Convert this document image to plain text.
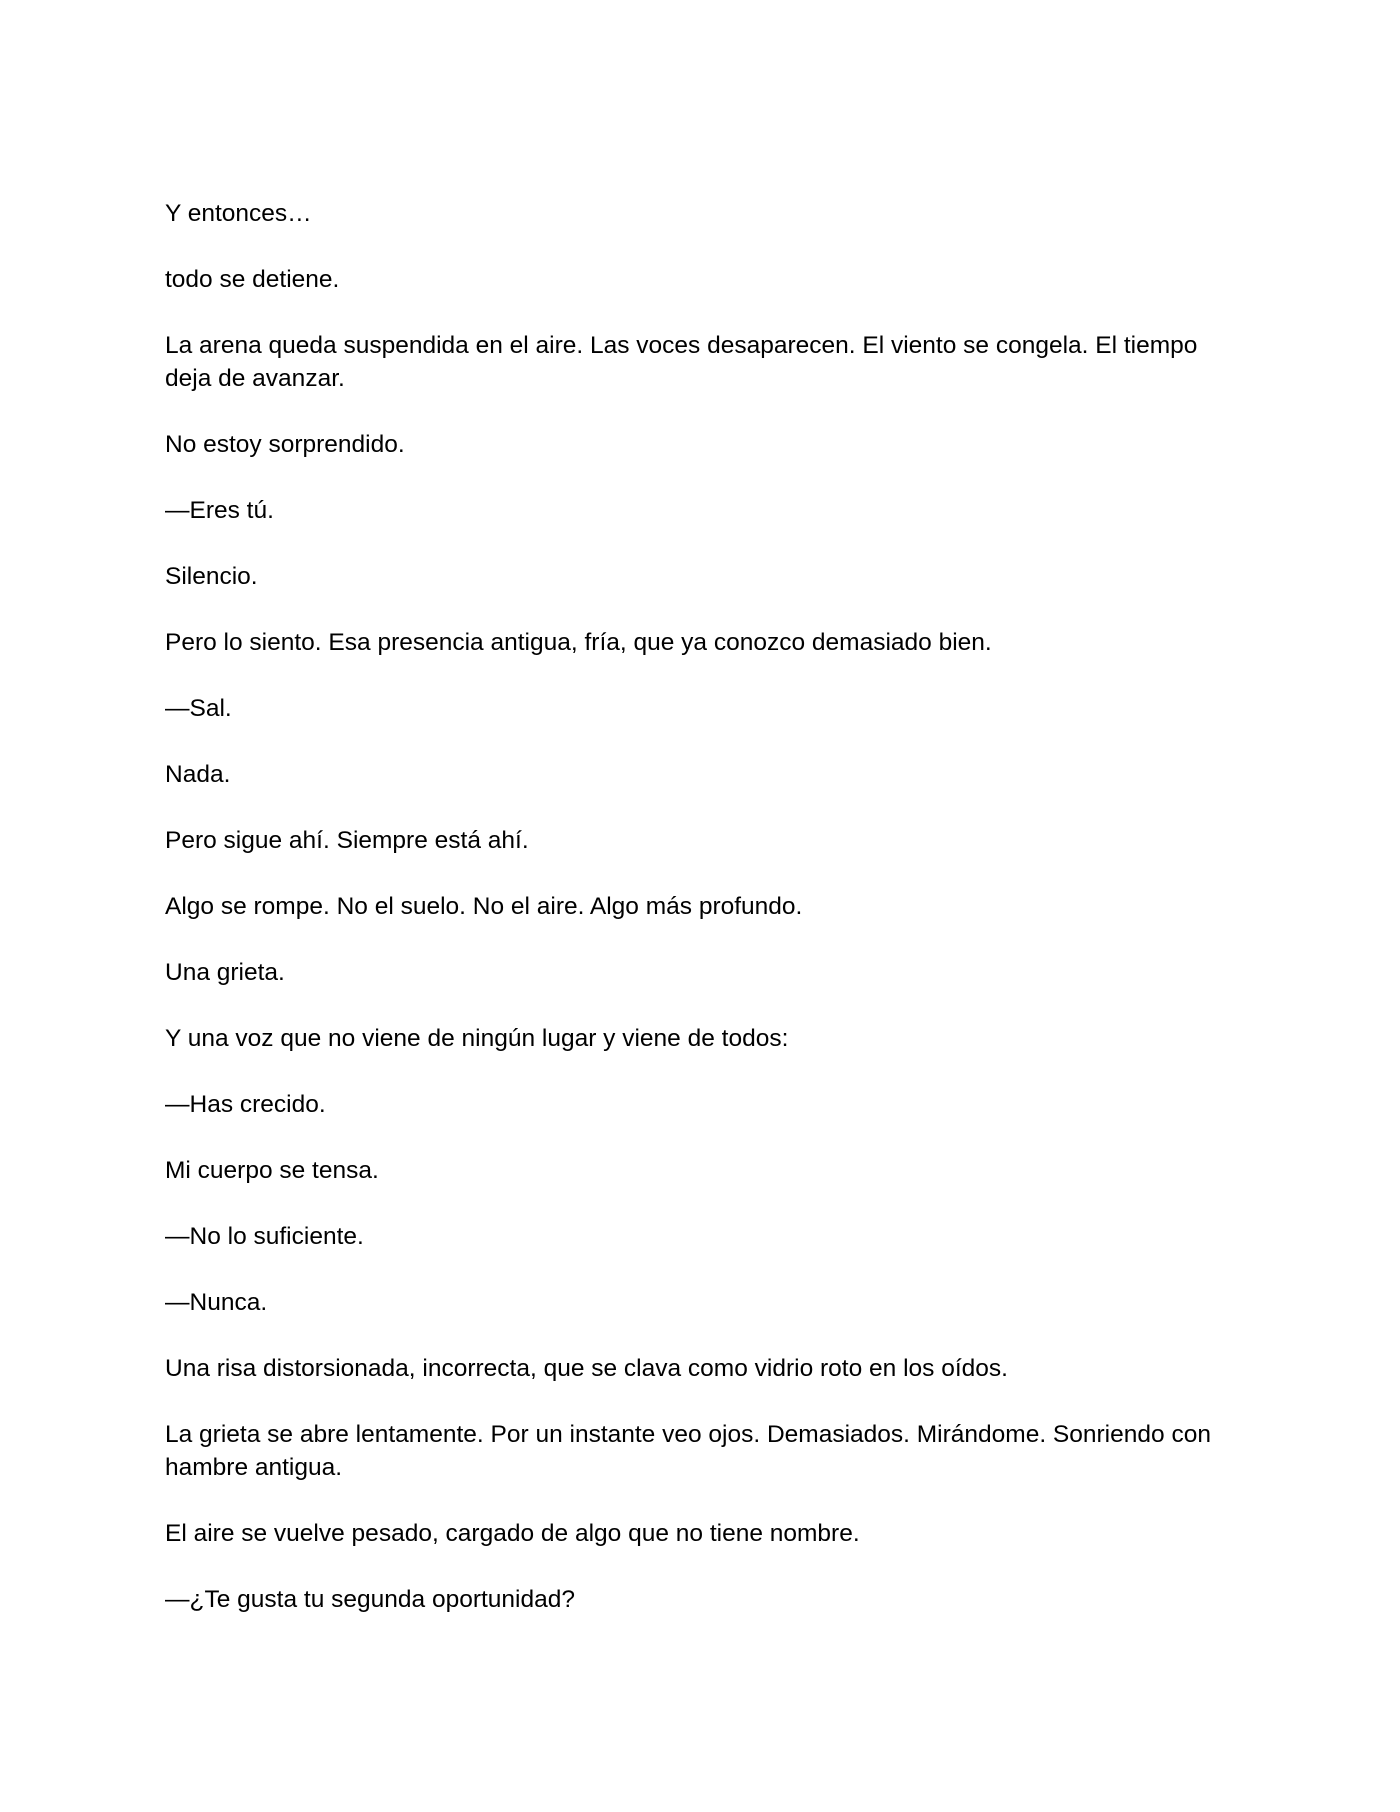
Y entonces…

todo se detiene.

La arena queda suspendida en el aire. Las voces desaparecen. El viento se congela. El tiempo deja de avanzar.

No estoy sorprendido.

—Eres tú.

Silencio.

Pero lo siento. Esa presencia antigua, fría, que ya conozco demasiado bien.

—Sal.

Nada.

Pero sigue ahí. Siempre está ahí.

Algo se rompe. No el suelo. No el aire. Algo más profundo.

Una grieta.

Y una voz que no viene de ningún lugar y viene de todos:

—Has crecido.

Mi cuerpo se tensa.

—No lo suficiente.

—Nunca.

Una risa distorsionada, incorrecta, que se clava como vidrio roto en los oídos.

La grieta se abre lentamente. Por un instante veo ojos. Demasiados. Mirándome. Sonriendo con hambre antigua.

El aire se vuelve pesado, cargado de algo que no tiene nombre.

—¿Te gusta tu segunda oportunidad?
